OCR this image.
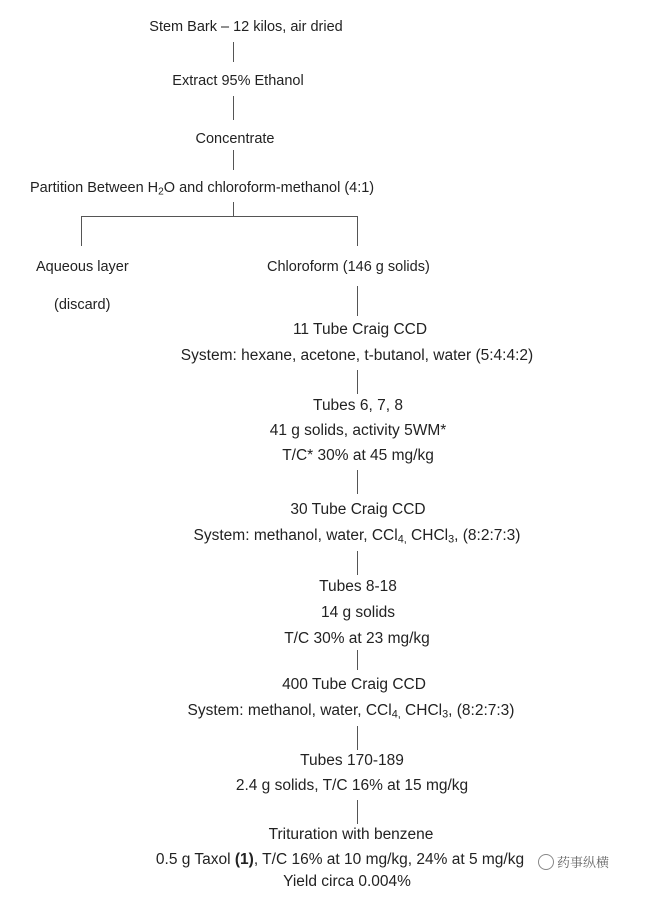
Stem Bark – 12 kilos, air dried
Extract 95% Ethanol
Concentrate
Partition Between $H_2O$ and chloroform-methanol (4:1)
Aqueous layer
(discard)
Chloroform (146 g solids)
11 Tube Craig CCD
System: hexane, acetone, t-butanol, water (5:4:4:2)
Tubes 6, 7, 8
41 g solids, activity 5WM*
T/C* 30% at 45 mg/kg
30 Tube Craig CCD
System: methanol, water, CCl$_{4,}$ CHCl$_3$, (8:2:7:3)
Tubes 8-18
14 g solids
T/C 30% at 23 mg/kg
400 Tube Craig CCD
System: methanol, water, CCl$_{4,}$ CHCl$_3$, (8:2:7:3)
Tubes 170-189
2.4 g solids, T/C 16% at 15 mg/kg
Trituration with benzene
0.5 g Taxol (1), T/C 16% at 10 mg/kg, 24% at 5 mg/kg
Yield circa 0.004%
药事纵横
